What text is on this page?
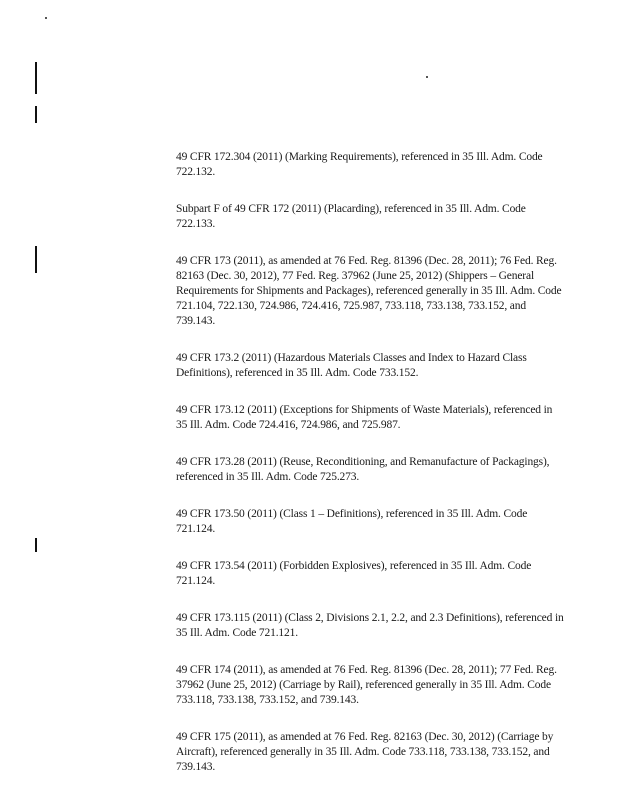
49 CFR 172.304 (2011) (Marking Requirements), referenced in 35 Ill. Adm. Code 722.132.

Subpart F of 49 CFR 172 (2011) (Placarding), referenced in 35 Ill. Adm. Code 722.133.

49 CFR 173 (2011), as amended at 76 Fed. Reg. 81396 (Dec. 28, 2011); 76 Fed. Reg. 82163 (Dec. 30, 2012), 77 Fed. Reg. 37962 (June 25, 2012) (Shippers – General Requirements for Shipments and Packages), referenced generally in 35 Ill. Adm. Code 721.104, 722.130, 724.986, 724.416, 725.987, 733.118, 733.138, 733.152, and 739.143.

49 CFR 173.2 (2011) (Hazardous Materials Classes and Index to Hazard Class Definitions), referenced in 35 Ill. Adm. Code 733.152.

49 CFR 173.12 (2011) (Exceptions for Shipments of Waste Materials), referenced in 35 Ill. Adm. Code 724.416, 724.986, and 725.987.

49 CFR 173.28 (2011) (Reuse, Reconditioning, and Remanufacture of Packagings), referenced in 35 Ill. Adm. Code 725.273.

49 CFR 173.50 (2011) (Class 1 – Definitions), referenced in 35 Ill. Adm. Code 721.124.

49 CFR 173.54 (2011) (Forbidden Explosives), referenced in 35 Ill. Adm. Code 721.124.

49 CFR 173.115 (2011) (Class 2, Divisions 2.1, 2.2, and 2.3 Definitions), referenced in 35 Ill. Adm. Code 721.121.

49 CFR 174 (2011), as amended at 76 Fed. Reg. 81396 (Dec. 28, 2011); 77 Fed. Reg. 37962 (June 25, 2012) (Carriage by Rail), referenced generally in 35 Ill. Adm. Code 733.118, 733.138, 733.152, and 739.143.

49 CFR 175 (2011), as amended at 76 Fed. Reg. 82163 (Dec. 30, 2012) (Carriage by Aircraft), referenced generally in 35 Ill. Adm. Code 733.118, 733.138, 733.152, and 739.143.
